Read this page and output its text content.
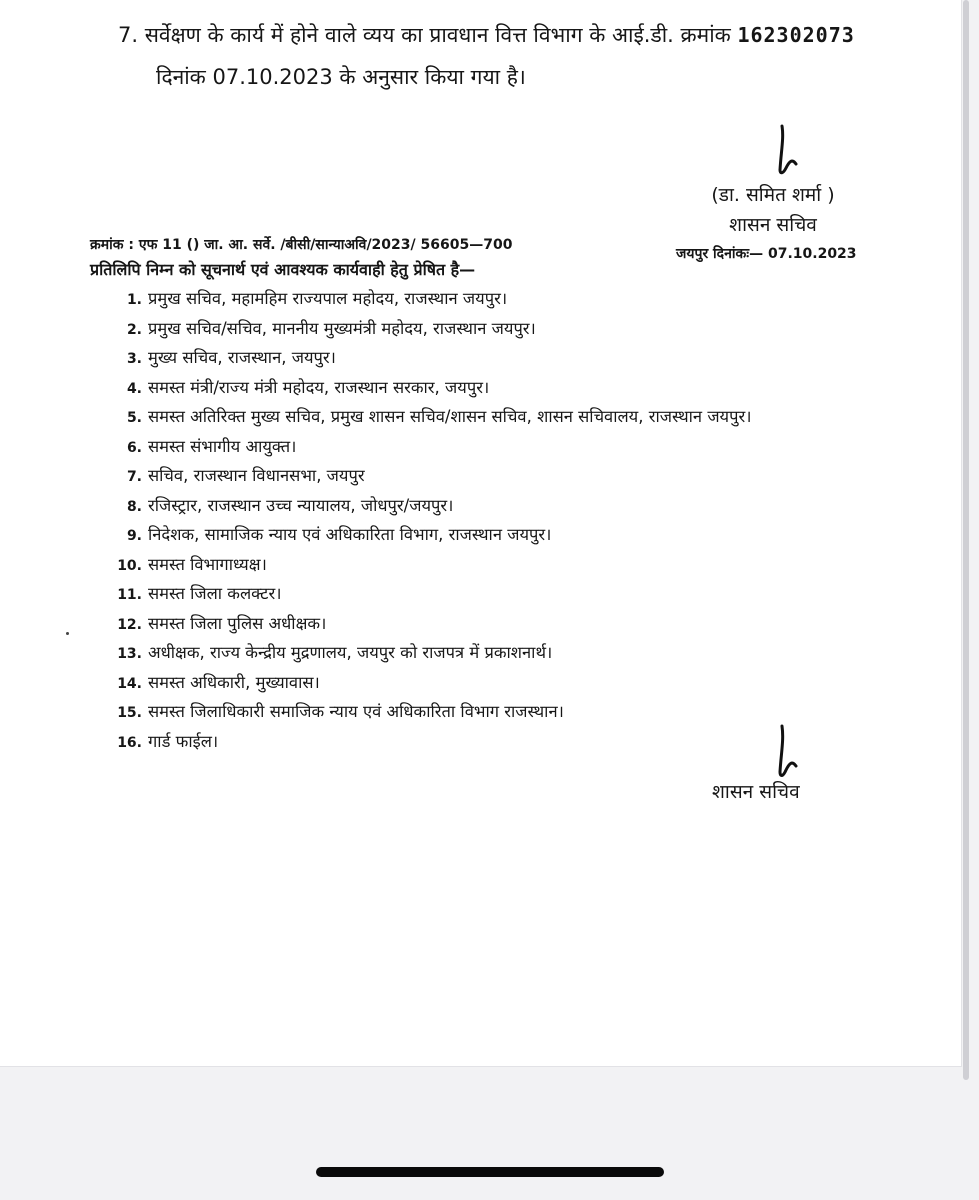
7. सर्वेक्षण के कार्य में होने वाले व्यय का प्रावधान वित्त विभाग के आई.डी. क्रमांक 162302073
दिनांक 07.10.2023 के अनुसार किया गया है।
(डा. समित शर्मा )
शासन सचिव
क्रमांक : एफ 11 () जा. आ. सर्वे. /बीसी/सान्याअवि/2023/ 56605—700
जयपुर दिनांकः— 07.10.2023
प्रतिलिपि निम्न को सूचनार्थ एवं आवश्यक कार्यवाही हेतु प्रेषित है—
1. प्रमुख सचिव, महामहिम राज्यपाल महोदय, राजस्थान जयपुर।
2. प्रमुख सचिव/सचिव, माननीय मुख्यमंत्री महोदय, राजस्थान जयपुर।
3. मुख्य सचिव, राजस्थान, जयपुर।
4. समस्त मंत्री/राज्य मंत्री महोदय, राजस्थान सरकार, जयपुर।
5. समस्त अतिरिक्त मुख्य सचिव, प्रमुख शासन सचिव/शासन सचिव, शासन सचिवालय, राजस्थान जयपुर।
6. समस्त संभागीय आयुक्त।
7. सचिव, राजस्थान विधानसभा, जयपुर
8. रजिस्ट्रार, राजस्थान उच्च न्यायालय, जोधपुर/जयपुर।
9. निदेशक, सामाजिक न्याय एवं अधिकारिता विभाग, राजस्थान जयपुर।
10. समस्त विभागाध्यक्ष।
11. समस्त जिला कलक्टर।
12. समस्त जिला पुलिस अधीक्षक।
13. अधीक्षक, राज्य केन्द्रीय मुद्रणालय, जयपुर को राजपत्र में प्रकाशनार्थ।
14. समस्त अधिकारी, मुख्यावास।
15. समस्त जिलाधिकारी समाजिक न्याय एवं अधिकारिता विभाग राजस्थान।
16. गार्ड फाईल।
शासन सचिव
